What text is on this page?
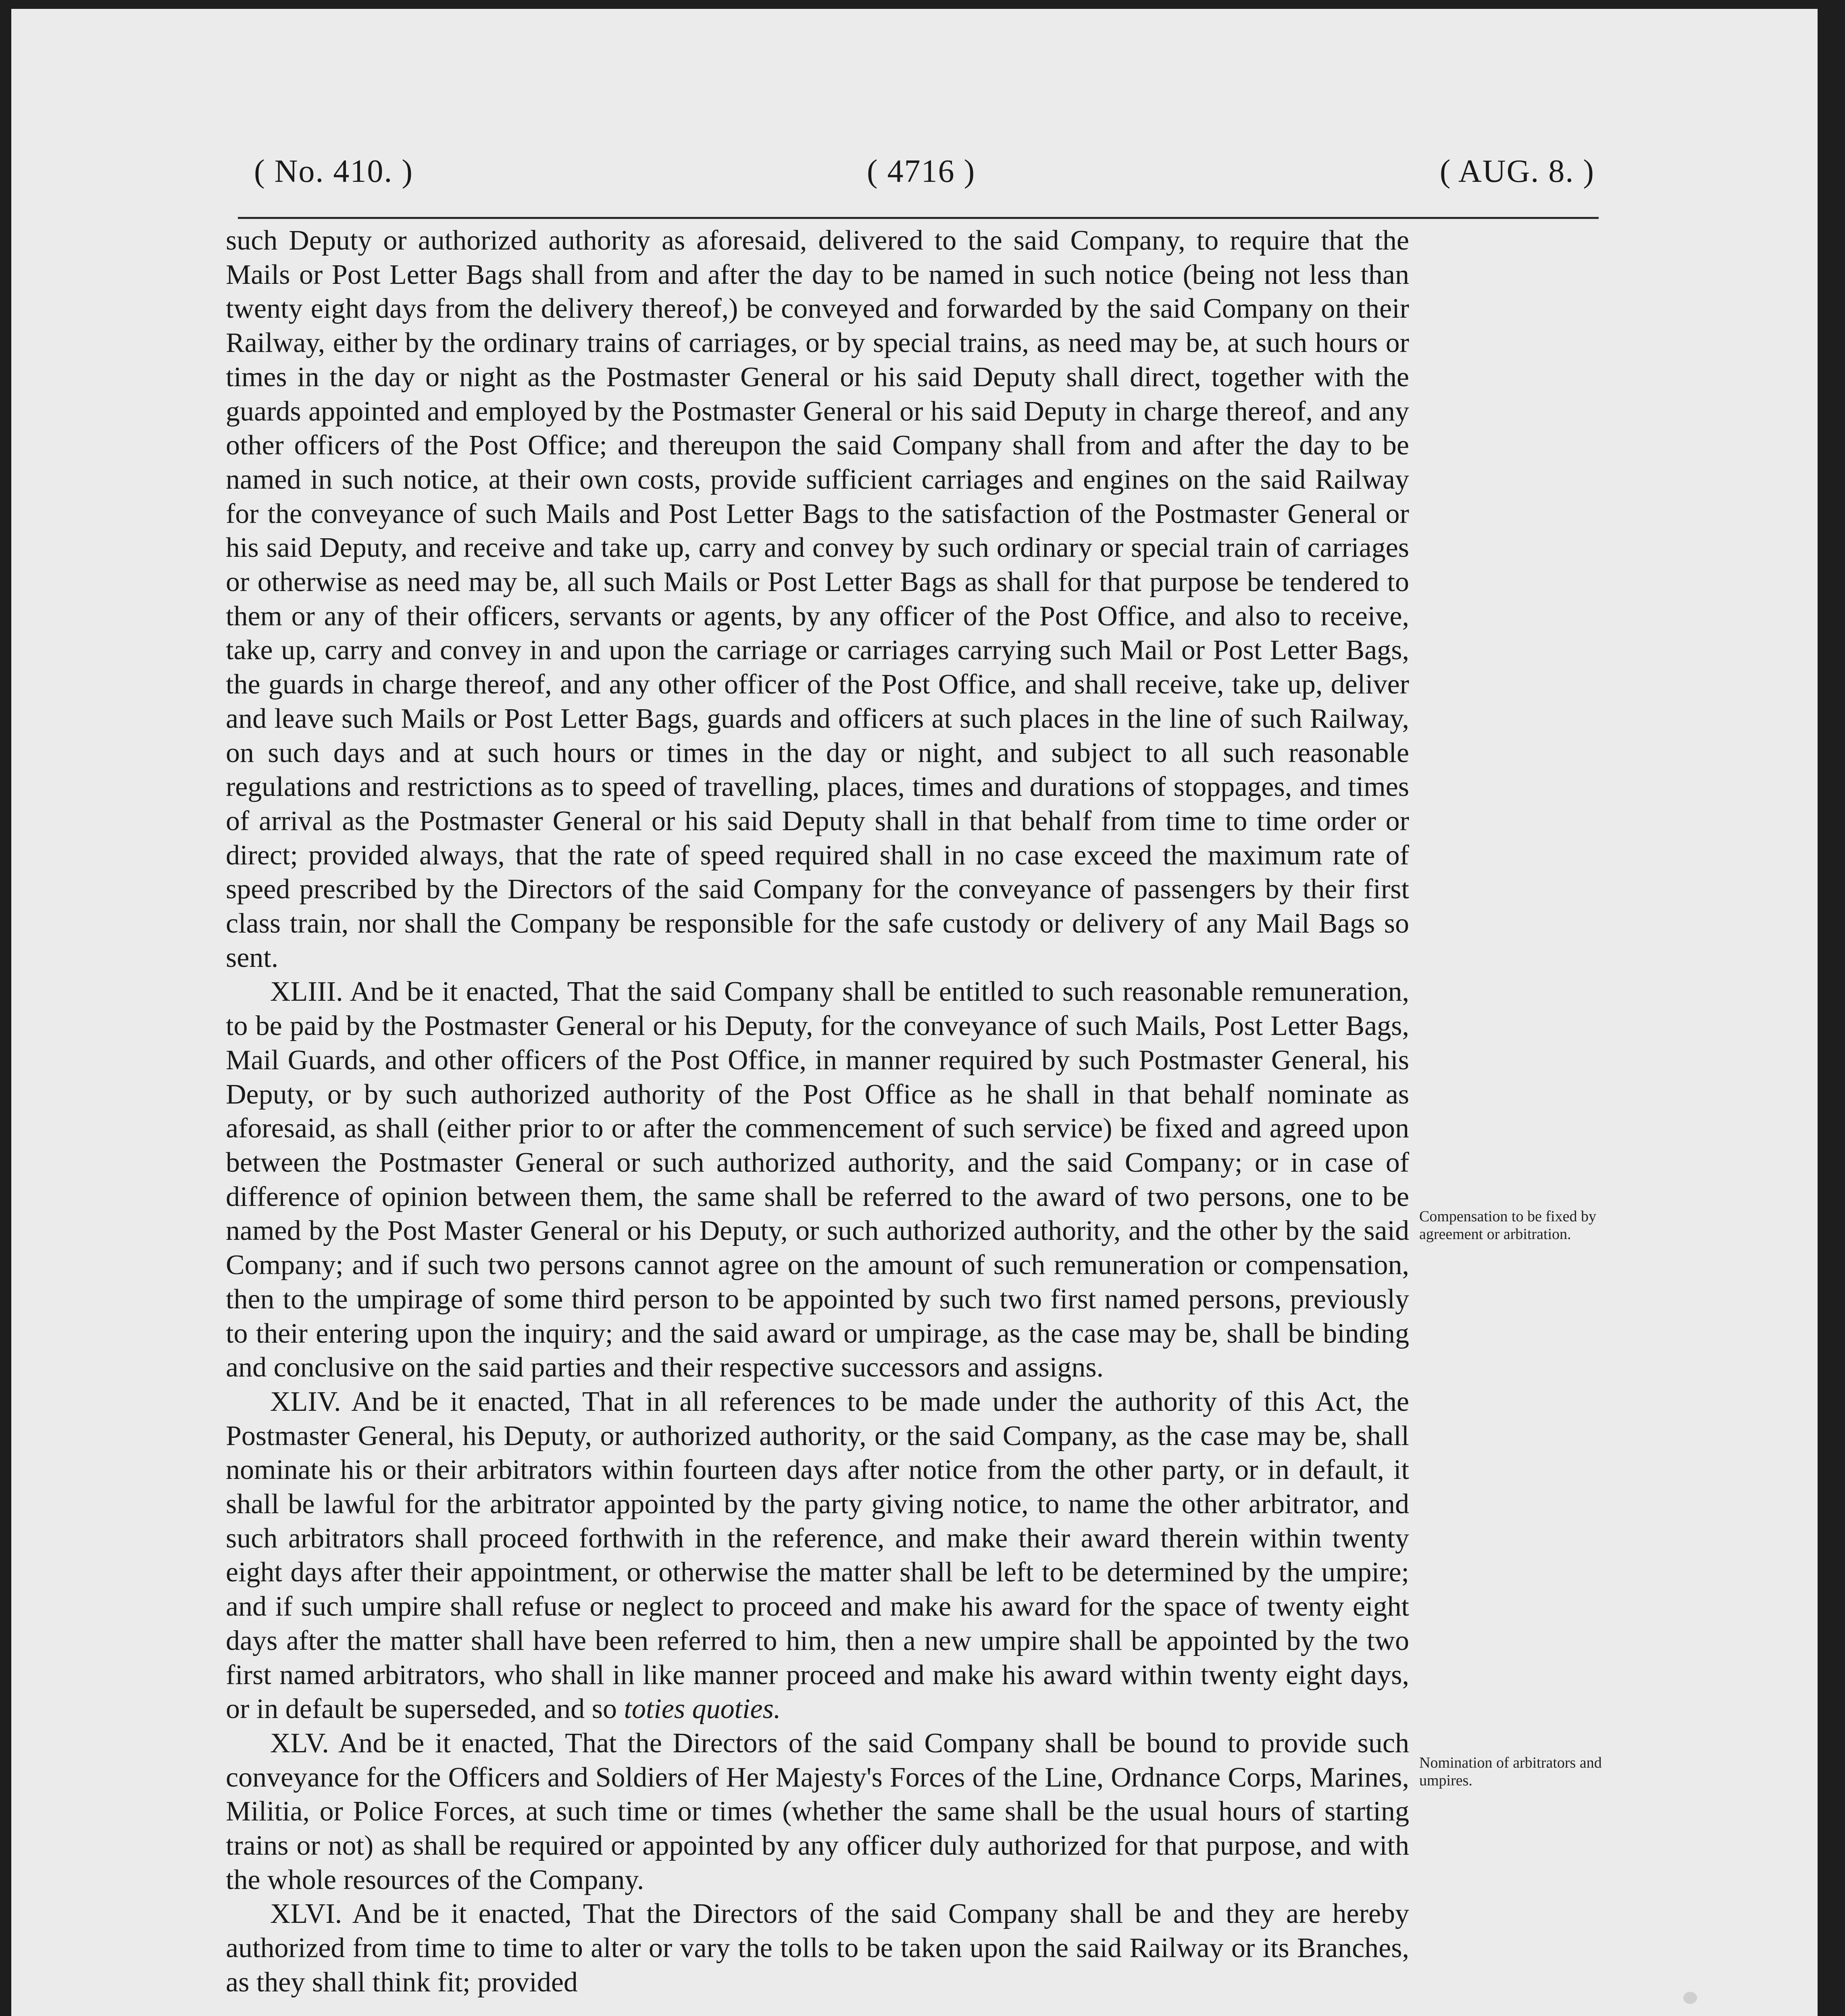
( No. 410. )	( 4716 )	( AUG. 8. )

such Deputy or authorized authority as aforesaid, delivered to the said Company, to require that the Mails or Post Letter Bags shall from and after the day to be named in such notice (being not less than twenty eight days from the delivery thereof,) be conveyed and forwarded by the said Company on their Railway, either by the ordinary trains of carriages, or by special trains, as need may be, at such hours or times in the day or night as the Postmaster General or his said Deputy shall direct, together with the guards appointed and employed by the Postmaster General or his said Deputy in charge thereof, and any other officers of the Post Office; and thereupon the said Company shall from and after the day to be named in such notice, at their own costs, provide sufficient carriages and engines on the said Railway for the conveyance of such Mails and Post Letter Bags to the satisfaction of the Postmaster General or his said Deputy, and receive and take up, carry and convey by such ordinary or special train of carriages or otherwise as need may be, all such Mails or Post Letter Bags as shall for that purpose be tendered to them or any of their officers, servants or agents, by any officer of the Post Office, and also to receive, take up, carry and convey in and upon the carriage or carriages carrying such Mail or Post Letter Bags, the guards in charge thereof, and any other officer of the Post Office, and shall receive, take up, deliver and leave such Mails or Post Letter Bags, guards and officers at such places in the line of such Railway, on such days and at such hours or times in the day or night, and subject to all such reasonable regulations and restrictions as to speed of travelling, places, times and durations of stoppages, and times of arrival as the Postmaster General or his said Deputy shall in that behalf from time to time order or direct; provided always, that the rate of speed required shall in no case exceed the maximum rate of speed prescribed by the Directors of the said Company for the conveyance of passengers by their first class train, nor shall the Company be responsible for the safe custody or delivery of any Mail Bags so sent.

XLIII. And be it enacted, That the said Company shall be entitled to such reasonable remuneration, to be paid by the Postmaster General or his Deputy, for the conveyance of such Mails, Post Letter Bags, Mail Guards, and other officers of the Post Office, in manner required by such Postmaster General, his Deputy, or by such authorized authority of the Post Office as he shall in that behalf nominate as aforesaid, as shall (either prior to or after the commencement of such service) be fixed and agreed upon between the Postmaster General or such authorized authority, and the said Company; or in case of difference of opinion between them, the same shall be referred to the award of two persons, one to be named by the Post Master General or his Deputy, or such authorized authority, and the other by the said Company; and if such two persons cannot agree on the amount of such remuneration or compensation, then to the umpirage of some third person to be appointed by such two first named persons, previously to their entering upon the inquiry; and the said award or umpirage, as the case may be, shall be binding and conclusive on the said parties and their respective successors and assigns.

XLIV. And be it enacted, That in all references to be made under the authority of this Act, the Postmaster General, his Deputy, or authorized authority, or the said Company, as the case may be, shall nominate his or their arbitrators within fourteen days after notice from the other party, or in default, it shall be lawful for the arbitrator appointed by the party giving notice, to name the other arbitrator, and such arbitrators shall proceed forthwith in the reference, and make their award therein within twenty eight days after their appointment, or otherwise the matter shall be left to be determined by the umpire; and if such umpire shall refuse or neglect to proceed and make his award for the space of twenty eight days after the matter shall have been referred to him, then a new umpire shall be appointed by the two first named arbitrators, who shall in like manner proceed and make his award within twenty eight days, or in default be superseded, and so toties quoties.

XLV. And be it enacted, That the Directors of the said Company shall be bound to provide such conveyance for the Officers and Soldiers of Her Majesty's Forces of the Line, Ordnance Corps, Marines, Militia, or Police Forces, at such time or times (whether the same shall be the usual hours of starting trains or not) as shall be required or appointed by any officer duly authorized for that purpose, and with the whole resources of the Company.

XLVI. And be it enacted, That the Directors of the said Company shall be and they are hereby authorized from time to time to alter or vary the tolls to be taken upon the said Railway or its Branches, as they shall think fit; provided

Compensation to be fixed by agreement or arbitration.
Nomination of arbitrators and umpires.
